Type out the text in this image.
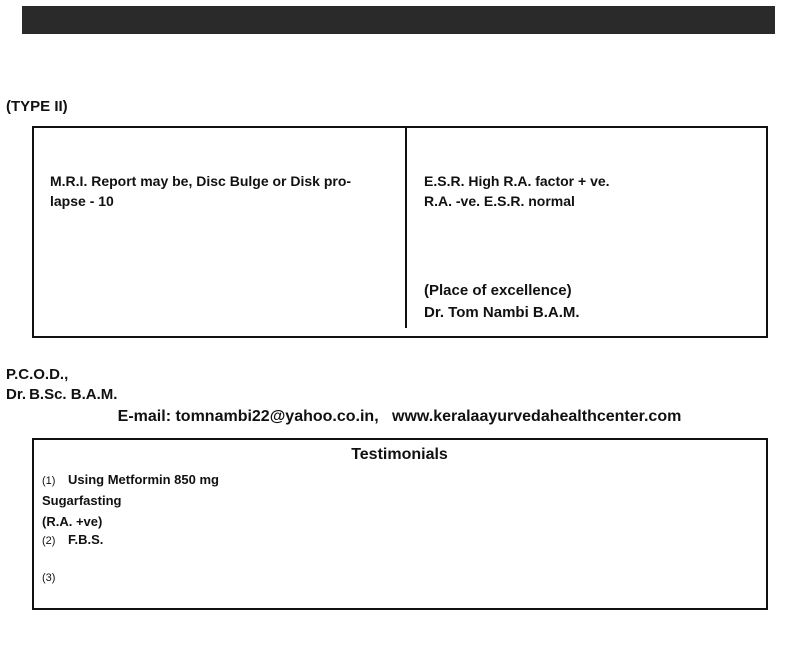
(TYPE II)
M.R.I. Report may be, Disc Bulge or Disk pro-
lapse - 10
E.S.R. High R.A. factor + ve.
R.A. -ve. E.S.R. normal
(Place of excellence)
Dr. Tom Nambi B.A.M.
P.C.O.D.,
Dr. B.Sc. B.A.M.
E-mail: tomnambi22@yahoo.co.in, www.keralaayurvedahealthcenter.com
Testimonials
(1) Using Metformin 850 mg
Sugarfasting
(R.A. +ve)
(2) F.B.S.

(3)
